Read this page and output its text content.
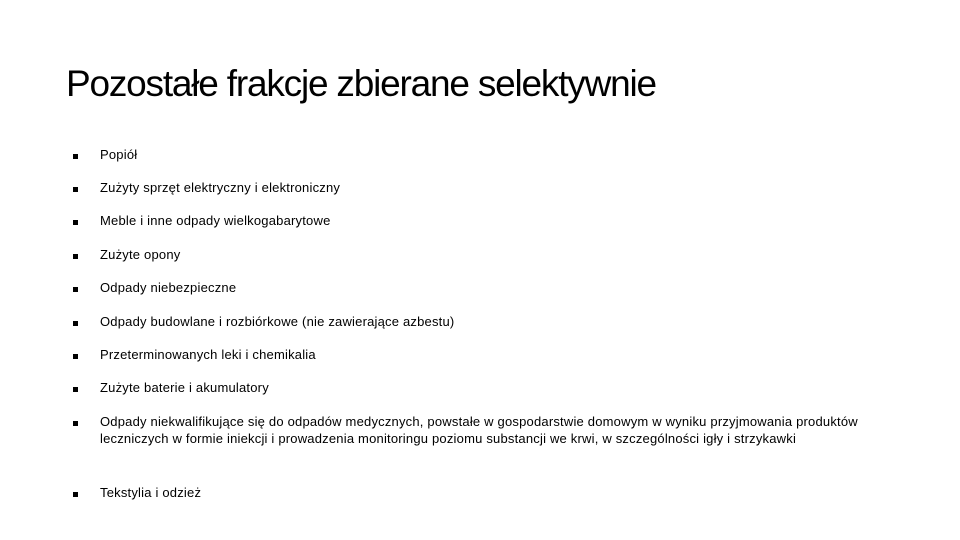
Pozostałe frakcje zbierane selektywnie
Popiół
Zużyty sprzęt elektryczny i elektroniczny
Meble i inne odpady wielkogabarytowe
Zużyte opony
Odpady niebezpieczne
Odpady budowlane i rozbiórkowe (nie zawierające azbestu)
Przeterminowanych leki i chemikalia
Zużyte baterie i akumulatory
Odpady niekwalifikujące się do odpadów medycznych, powstałe w gospodarstwie domowym w wyniku przyjmowania produktów leczniczych w formie iniekcji i prowadzenia monitoringu poziomu substancji we krwi, w szczególności igły i strzykawki
Tekstylia i odzież
